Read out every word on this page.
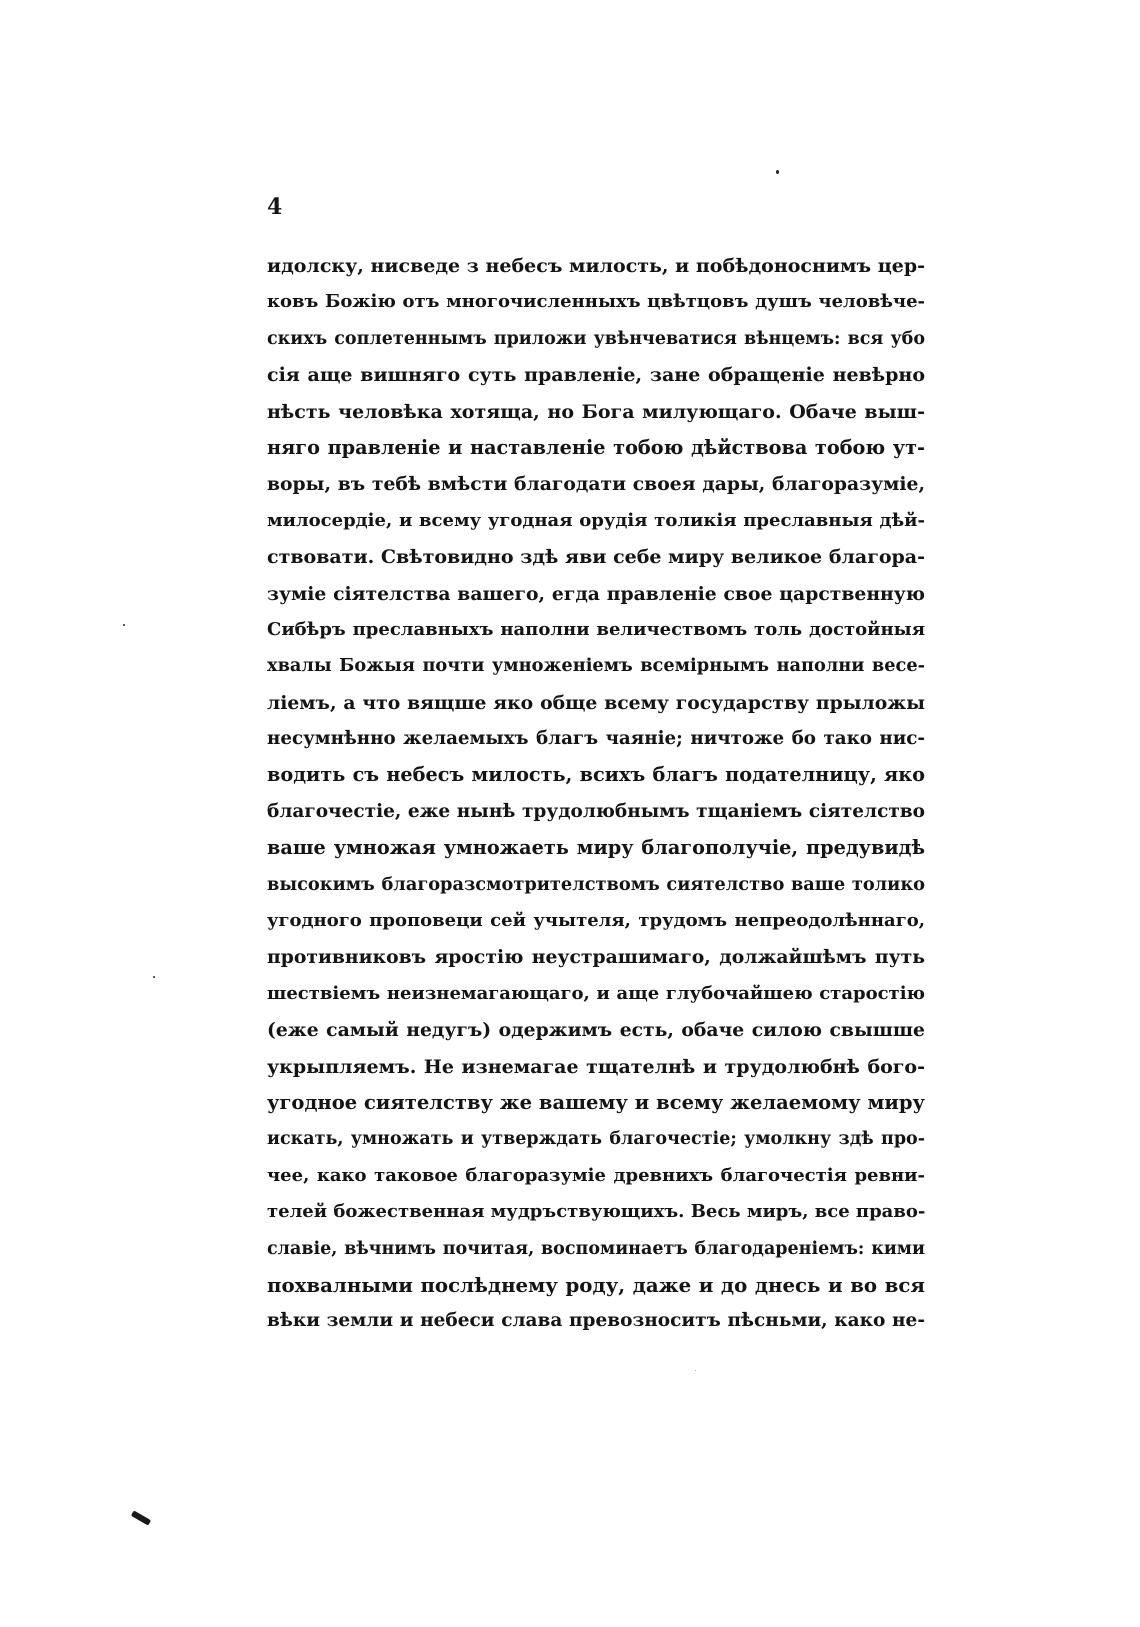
4
идолску, нисведе з небесъ милость, и побѣдоноснимъ цер-
ковъ Божію отъ многочисленныхъ цвѣтцовъ душъ человѣче-
скихъ соплетеннымъ приложи увѣнчеватися вѣнцемъ: вся убо
сія аще вишняго суть правленіе, зане обращеніе невѣрно
нѣсть человѣка хотяща, но Бога милующаго. Обаче выш-
няго правленіе и наставленіе тобою дѣйствова тобою ут-
воры, въ тебѣ вмѣсти благодати своея дары, благоразуміе,
милосердіе, и всему угодная орудія толикія преславныя дѣй-
ствовати. Свѣтовидно здѣ яви себе миру великое благора-
зуміе сіятелства вашего, егда правленіе свое царственную
Сибѣръ преславныхъ наполни величествомъ толь достойныя
хвалы Божыя почти умноженіемъ всемірнымъ наполни весе-
ліемъ, а что вящше яко обще всему государству прыложы
несумнѣнно желаемыхъ благъ чаяніе; ничтоже бо тако нис-
водить съ небесъ милость, всихъ благъ подателницу, яко
благочестіе, еже нынѣ трудолюбнымъ тщаніемъ сіятелство
ваше умножая умножаеть миру благополучіе, предувидѣ
высокимъ благоразсмотрителствомъ сиятелство ваше толико
угодного проповеци сей учытеля, трудомъ непреодолѣннаго,
противниковъ яростію неустрашимаго, должайшѣмъ путь
шествіемъ неизнемагающаго, и аще глубочайшею старостію
(еже самый недугъ) одержимъ есть, обаче силою свышше
укрыпляемъ. Не изнемагае тщателнѣ и трудолюбнѣ бого-
угодное сиятелству же вашему и всему желаемому миру
искать, умножать и утверждать благочестіе; умолкну здѣ про-
чее, како таковое благоразуміе древнихъ благочестія ревни-
телей божественная мудръствующихъ. Весь миръ, все право-
славіе, вѣчнимъ почитая, воспоминаетъ благодареніемъ: кими
похвалными послѣднему роду, даже и до днесь и во вся
вѣки земли и небеси слава превозноситъ пѣсньми, како не-
